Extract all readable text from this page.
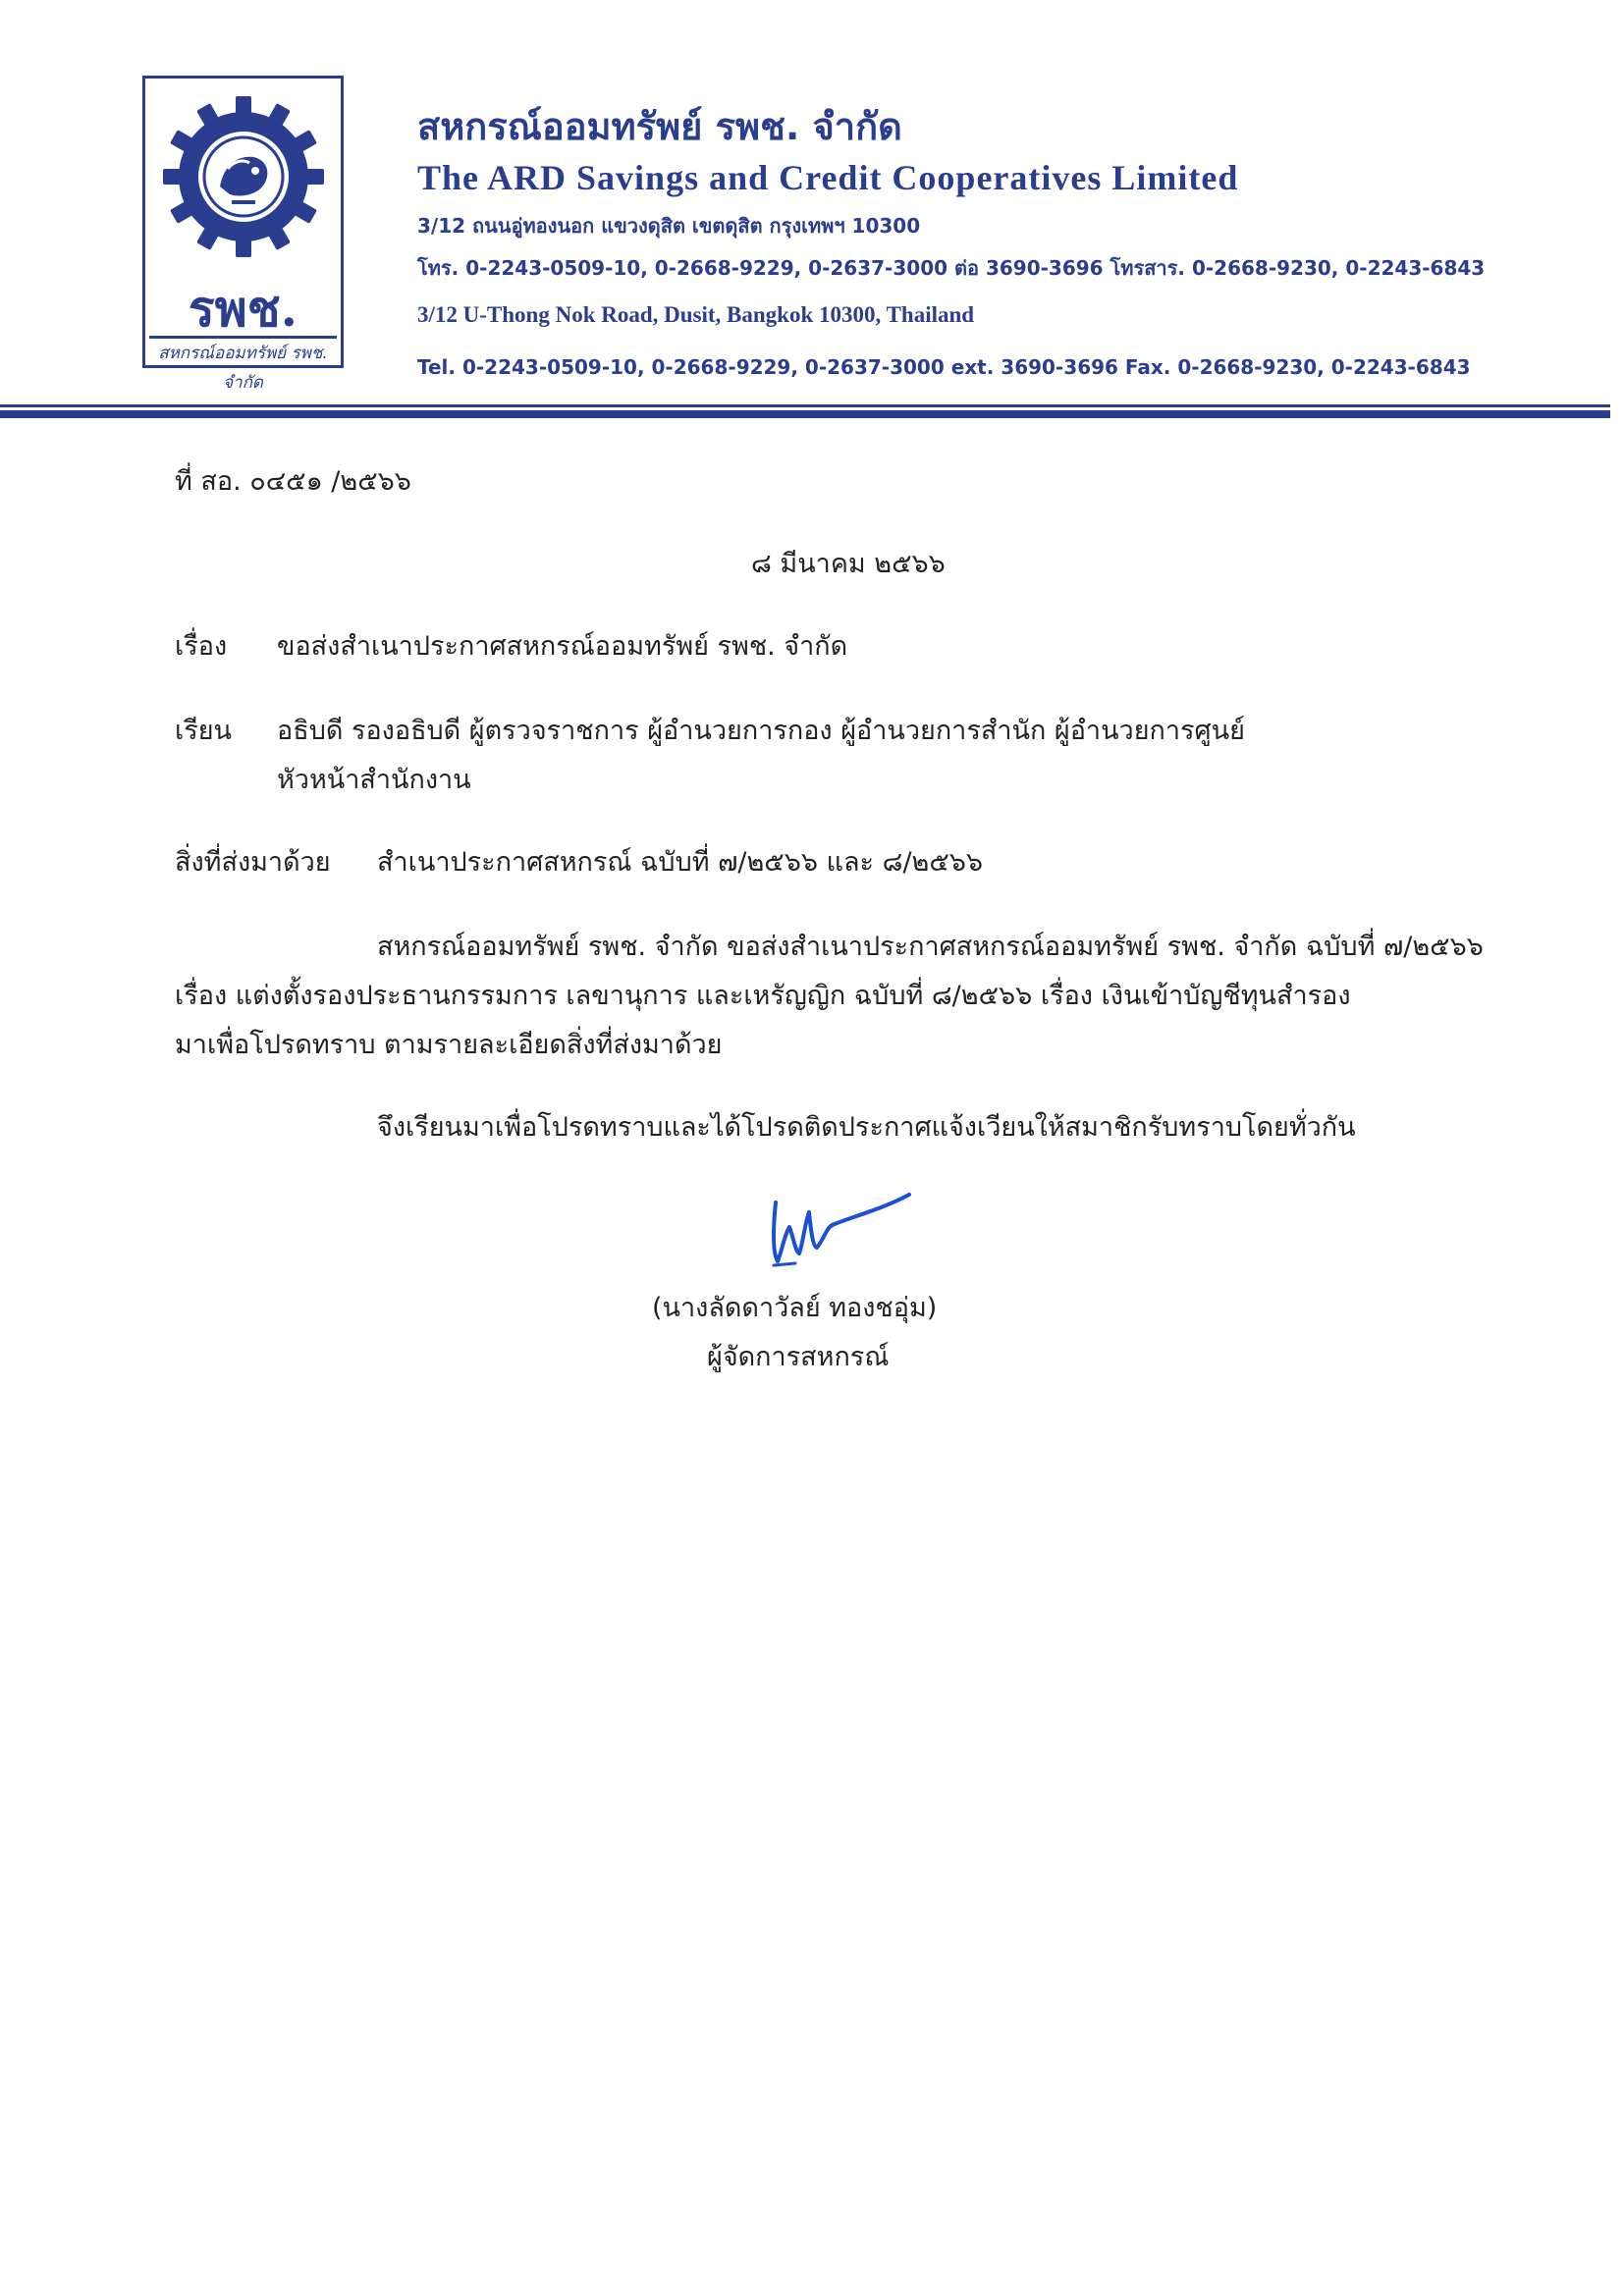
รพช.
สหกรณ์ออมทรัพย์ รพช. จำกัด
สหกรณ์ออมทรัพย์ รพช. จำกัด
The ARD Savings and Credit Cooperatives Limited
3/12 ถนนอู่ทองนอก แขวงดุสิต เขตดุสิต กรุงเทพฯ 10300
โทร. 0-2243-0509-10, 0-2668-9229, 0-2637-3000 ต่อ 3690-3696 โทรสาร. 0-2668-9230, 0-2243-6843
3/12 U-Thong Nok Road, Dusit, Bangkok 10300, Thailand
Tel. 0-2243-0509-10, 0-2668-9229, 0-2637-3000 ext. 3690-3696 Fax. 0-2668-9230, 0-2243-6843
ที่ สอ. ๐๔๕๑ /๒๕๖๖
๘ มีนาคม ๒๕๖๖
เรื่อง ขอส่งสำเนาประกาศสหกรณ์ออมทรัพย์ รพช. จำกัด
เรียน อธิบดี รองอธิบดี ผู้ตรวจราชการ ผู้อำนวยการกอง ผู้อำนวยการสำนัก ผู้อำนวยการศูนย์
หัวหน้าสำนักงาน
สิ่งที่ส่งมาด้วย สำเนาประกาศสหกรณ์ ฉบับที่ ๗/๒๕๖๖ และ ๘/๒๕๖๖
สหกรณ์ออมทรัพย์ รพช. จำกัด ขอส่งสำเนาประกาศสหกรณ์ออมทรัพย์ รพช. จำกัด ฉบับที่ ๗/๒๕๖๖
เรื่อง แต่งตั้งรองประธานกรรมการ เลขานุการ และเหรัญญิก ฉบับที่ ๘/๒๕๖๖ เรื่อง เงินเข้าบัญชีทุนสำรอง
มาเพื่อโปรดทราบ ตามรายละเอียดสิ่งที่ส่งมาด้วย
จึงเรียนมาเพื่อโปรดทราบและได้โปรดติดประกาศแจ้งเวียนให้สมาชิกรับทราบโดยทั่วกัน
(นางลัดดาวัลย์ ทองชอุ่ม)
ผู้จัดการสหกรณ์
